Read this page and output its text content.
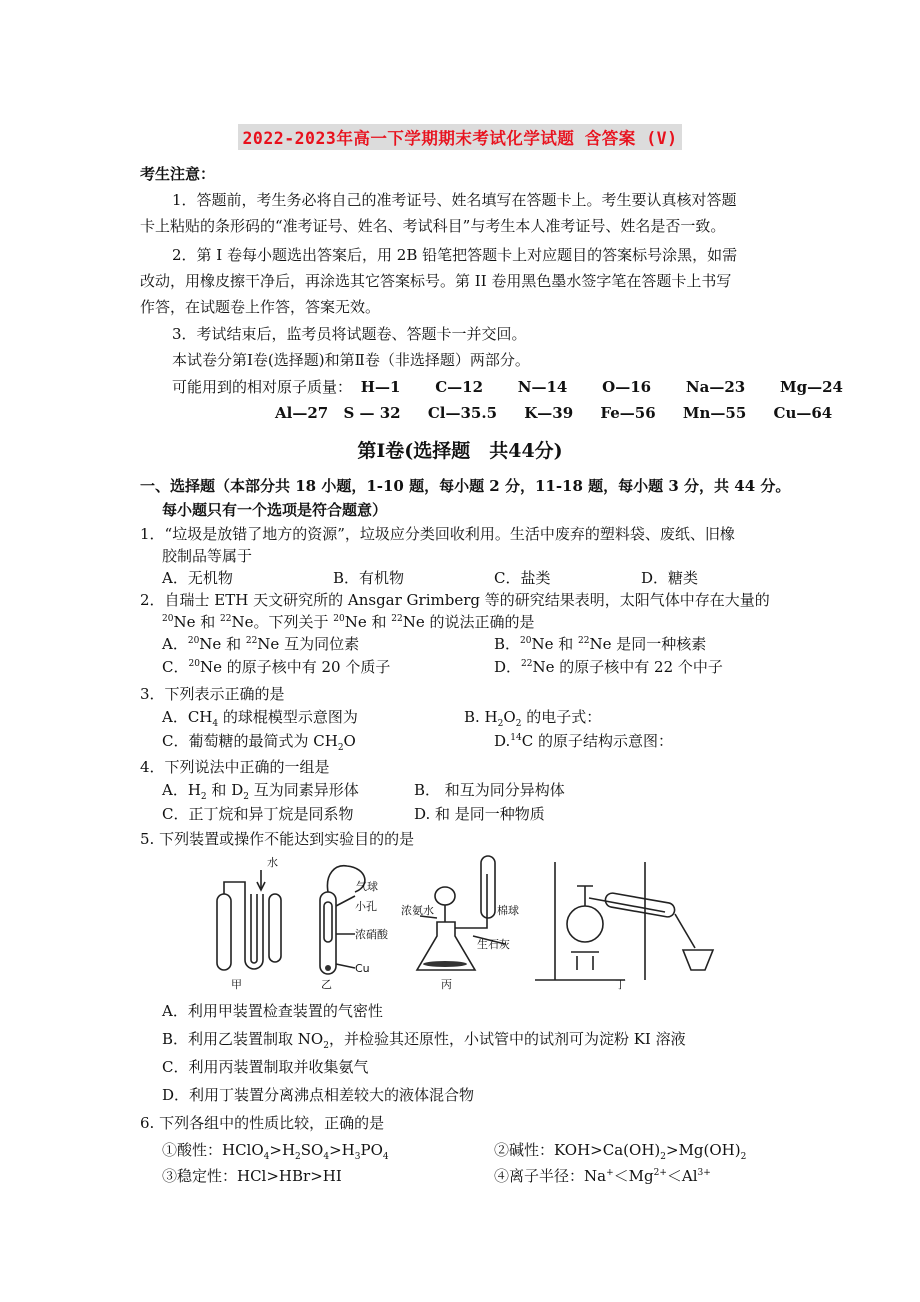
2022-2023年高一下学期期末考试化学试题 含答案 (V)
考生注意：
1．答题前，考生务必将自己的准考证号、姓名填写在答题卡上。考生要认真核对答题
卡上粘贴的条形码的“准考证号、姓名、考试科目”与考生本人准考证号、姓名是否一致。
2．第 I 卷每小题选出答案后，用 2B 铅笔把答题卡上对应题目的答案标号涂黑，如需
改动，用橡皮擦干净后，再涂选其它答案标号。第 II 卷用黑色墨水签字笔在答题卡上书写
作答，在试题卷上作答，答案无效。
3．考试结束后，监考员将试题卷、答题卡一并交回。
本试卷分第Ⅰ卷(选择题)和第Ⅱ卷（非选择题）两部分。
可能用到的相对原子质量： H—1 C—12 N—14 O—16 Na—23 Mg—24
Al—27 S — 32 Cl—35.5 K—39 Fe—56 Mn—55 Cu—64
第Ⅰ卷(选择题　共44分)
一、选择题（本部分共 18 小题，1-10 题，每小题 2 分，11-18 题，每小题 3 分，共 44 分。
每小题只有一个选项是符合题意）
1．“垃圾是放错了地方的资源”，垃圾应分类回收利用。生活中废弃的塑料袋、废纸、旧橡
胶制品等属于
A．无机物	B．有机物	C．盐类	D．糖类
2．自瑞士 ETH 天文研究所的 Ansgar Grimberg 等的研究结果表明，太阳气体中存在大量的
$^{20}$Ne 和 $^{22}$Ne。下列关于 $^{20}$Ne 和 $^{22}$Ne 的说法正确的是
A．$^{20}$Ne 和 $^{22}$Ne 互为同位素	B．$^{20}$Ne 和 $^{22}$Ne 是同一种核素
C．$^{20}$Ne 的原子核中有 20 个质子	D．$^{22}$Ne 的原子核中有 22 个中子
3．下列表示正确的是
A．$CH_4$ 的球棍模型示意图为	B. $H_2O_2$ 的电子式：
C．葡萄糖的最简式为 $CH_2O$	D.$^{14}$C 的原子结构示意图：
4．下列说法中正确的一组是
A．$H_2$ 和 $D_2$ 互为同素异形体	B． 和互为同分异构体
C．正丁烷和异丁烷是同系物	D. 和 是同一种物质
5. 下列装置或操作不能达到实验目的的是
水
气球
小孔
浓硝酸
Cu
浓氨水	棉球
生石灰
甲	乙	丙	丁
A．利用甲装置检查装置的气密性
B．利用乙装置制取 $NO_2$，并检验其还原性，小试管中的试剂可为淀粉 KI 溶液
C．利用丙装置制取并收集氨气
D．利用丁装置分离沸点相差较大的液体混合物
6. 下列各组中的性质比较，正确的是
①酸性：$HClO_4>H_2SO_4>H_3PO_4$	②碱性：$KOH>Ca(OH)_2>Mg(OH)_2$
③稳定性：HCl>HBr>HI	④离子半径：$Na^+<Mg^{2+}<Al^{3+}$
